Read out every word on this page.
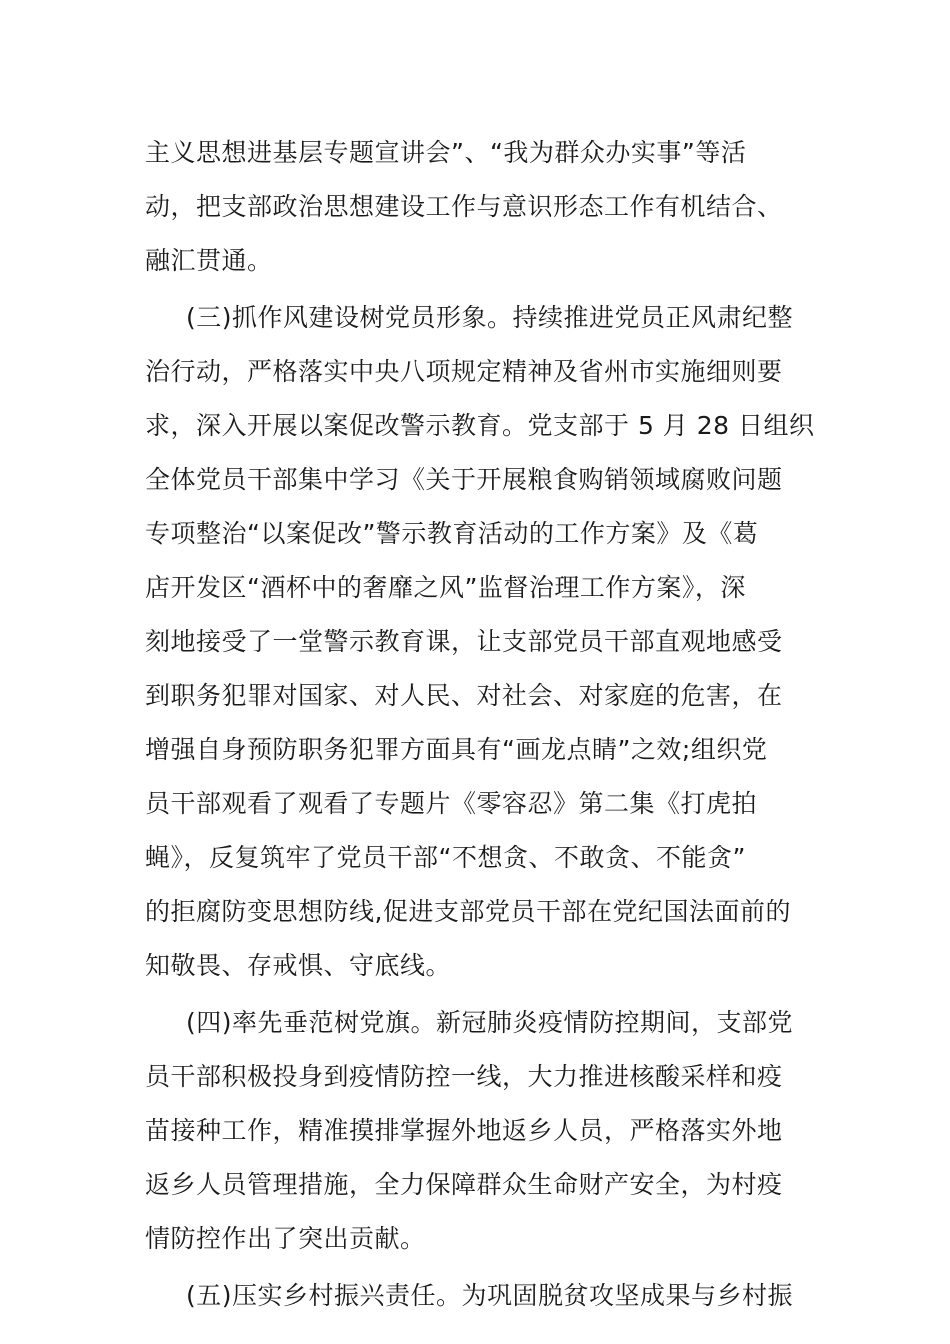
主义思想进基层专题宣讲会”、“我为群众办实事”等活
动，把支部政治思想建设工作与意识形态工作有机结合、
融汇贯通。
(三)抓作风建设树党员形象。持续推进党员正风肃纪整
治行动，严格落实中央八项规定精神及省州市实施细则要
求，深入开展以案促改警示教育。党支部于 5 月 28 日组织
全体党员干部集中学习《关于开展粮食购销领域腐败问题
专项整治“以案促改”警示教育活动的工作方案》及《葛
店开发区“酒杯中的奢靡之风”监督治理工作方案》，深
刻地接受了一堂警示教育课，让支部党员干部直观地感受
到职务犯罪对国家、对人民、对社会、对家庭的危害，在
增强自身预防职务犯罪方面具有“画龙点睛”之效;组织党
员干部观看了观看了专题片《零容忍》第二集《打虎拍
蝇》，反复筑牢了党员干部“不想贪、不敢贪、不能贪”
的拒腐防变思想防线,促进支部党员干部在党纪国法面前的
知敬畏、存戒惧、守底线。
(四)率先垂范树党旗。新冠肺炎疫情防控期间，支部党
员干部积极投身到疫情防控一线，大力推进核酸采样和疫
苗接种工作，精准摸排掌握外地返乡人员，严格落实外地
返乡人员管理措施，全力保障群众生命财产安全，为村疫
情防控作出了突出贡献。
(五)压实乡村振兴责任。为巩固脱贫攻坚成果与乡村振
